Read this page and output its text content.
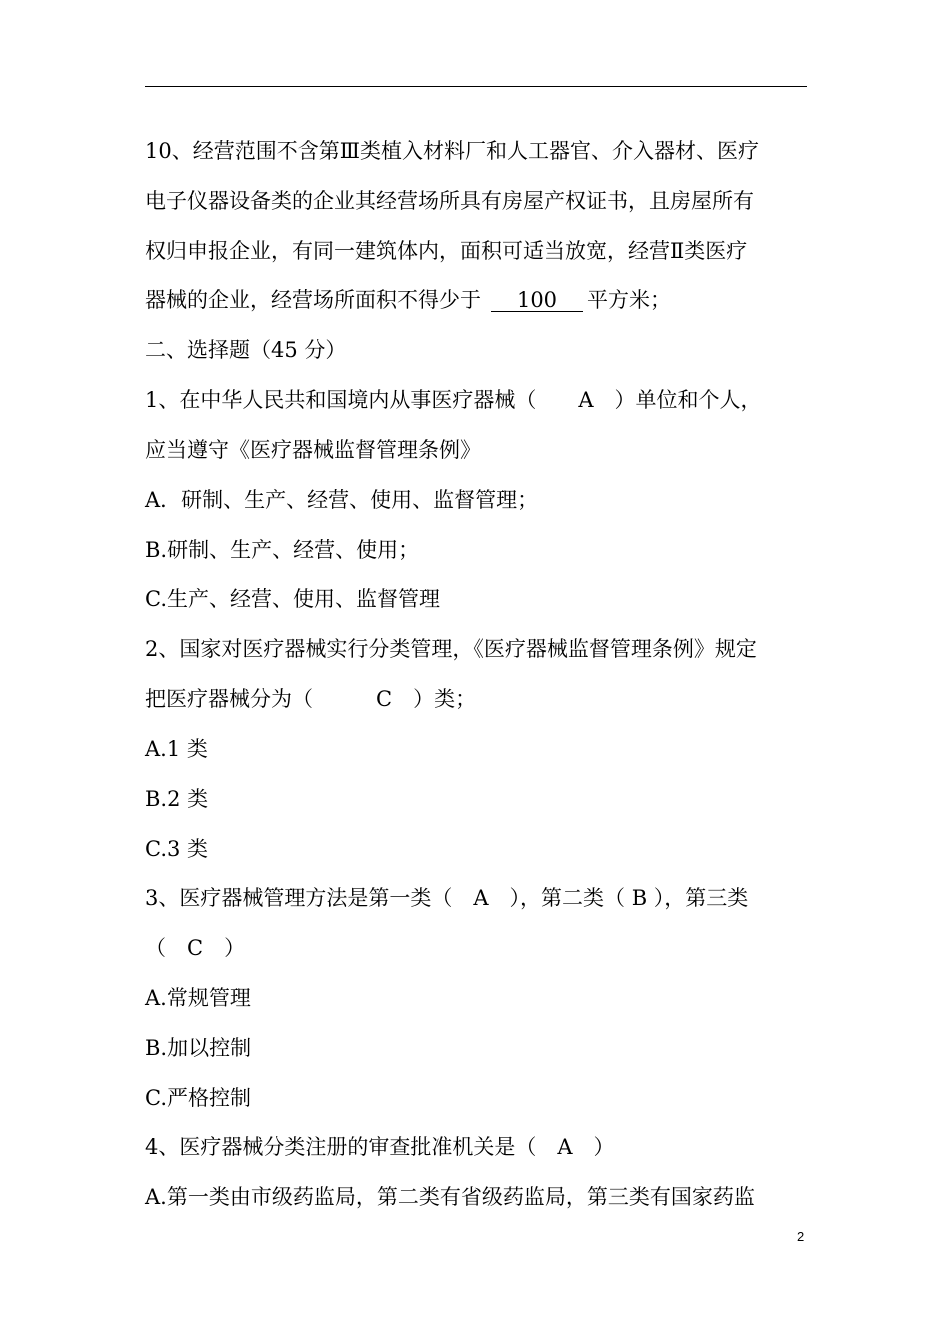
10、经营范围不含第Ⅲ类植入材料厂和人工器官、介入器材、医疗
电子仪器设备类的企业其经营场所具有房屋产权证书，且房屋所有
权归申报企业，有同一建筑体内，面积可适当放宽，经营Ⅱ类医疗
器械的企业，经营场所面积不得少于 100 平方米；
二、选择题（45 分）
1、在中华人民共和国境内从事医疗器械（　　A　）单位和个人，
应当遵守《医疗器械监督管理条例》
A．研制、生产、经营、使用、监督管理；
B.研制、生产、经营、使用；
C.生产、经营、使用、监督管理
2、国家对医疗器械实行分类管理，《医疗器械监督管理条例》规定
把医疗器械分为（　　　C　）类；
A.1 类
B.2 类
C.3 类
3、医疗器械管理方法是第一类（　A　），第二类（ B ），第三类
（　C　）
A.常规管理
B.加以控制
C.严格控制
4、医疗器械分类注册的审查批准机关是（　A　）
A.第一类由市级药监局，第二类有省级药监局，第三类有国家药监
2
